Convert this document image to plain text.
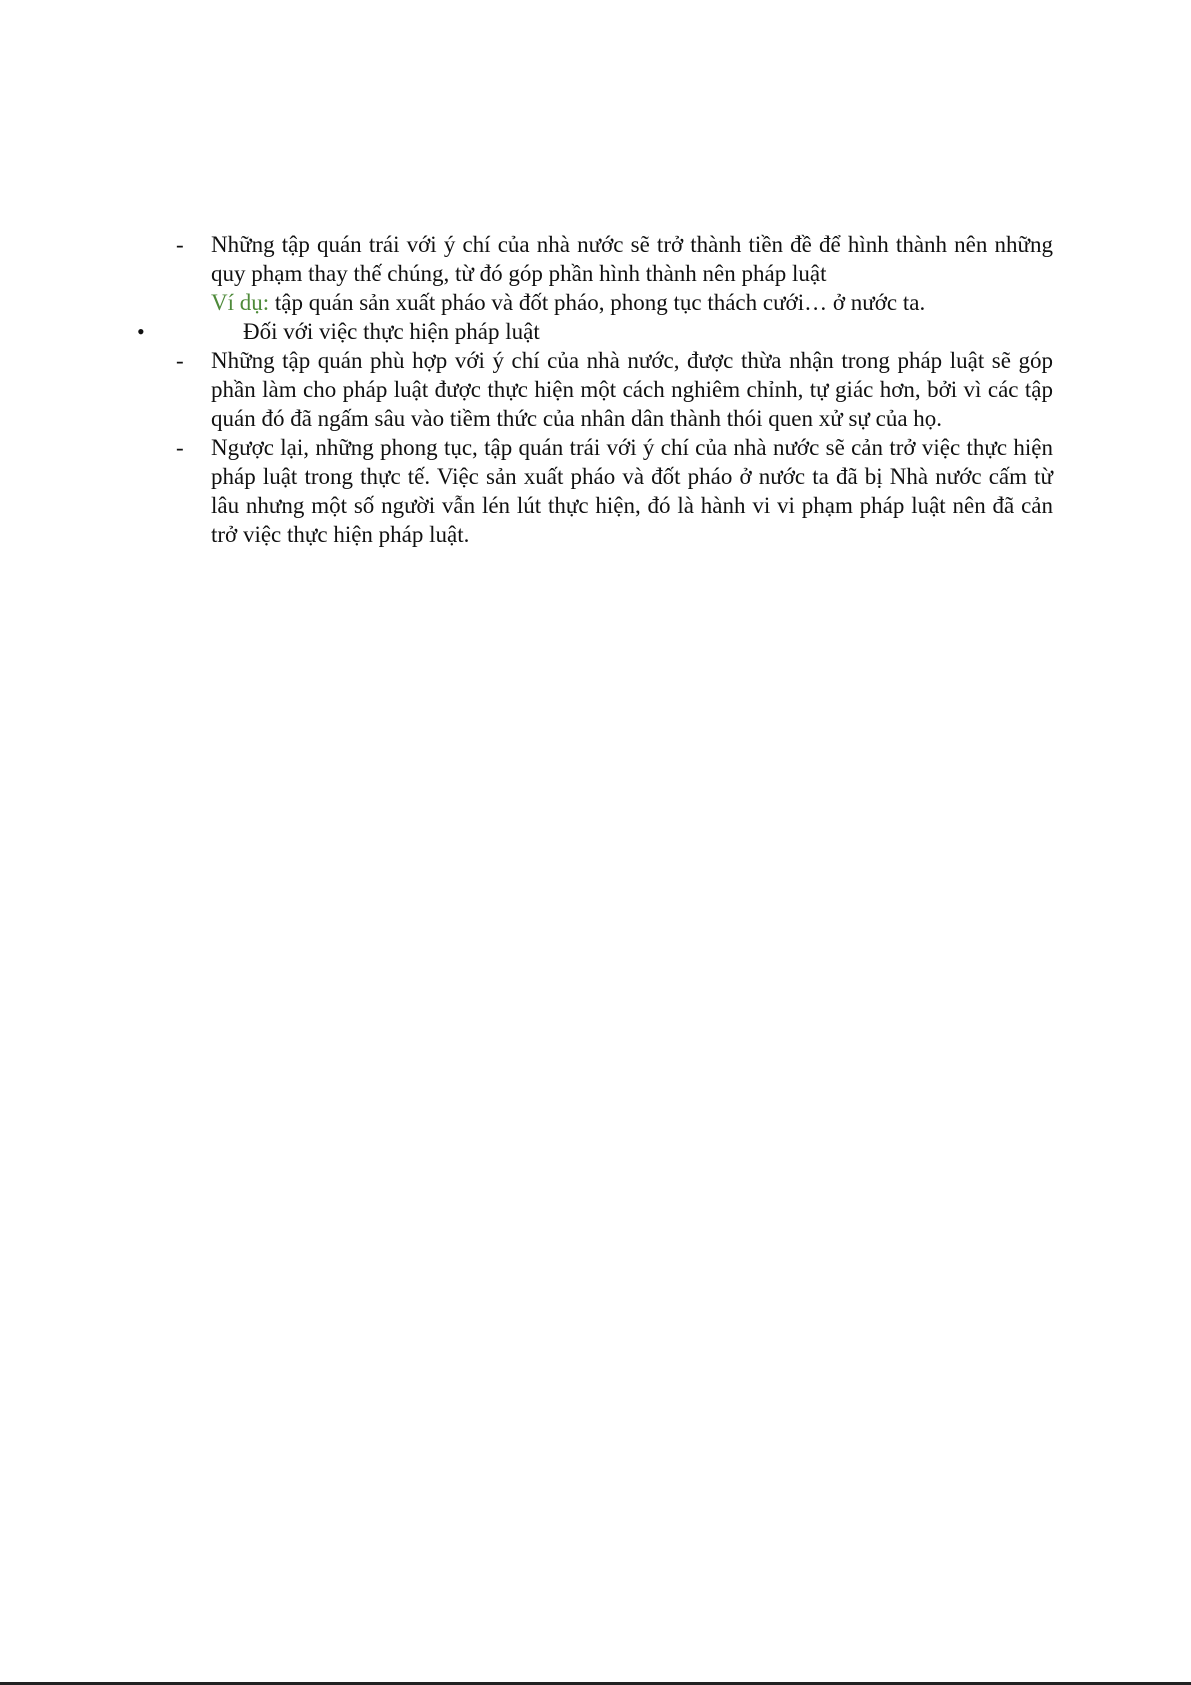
- Những tập quán trái với ý chí của nhà nước sẽ trở thành tiền đề để hình thành nên những quy phạm thay thế chúng, từ đó góp phần hình thành nên pháp luật
Ví dụ: tập quán sản xuất pháo và đốt pháo, phong tục thách cưới… ở nước ta.
•	Đối với việc thực hiện pháp luật
- Những tập quán phù hợp với ý chí của nhà nước, được thừa nhận trong pháp luật sẽ góp phần làm cho pháp luật được thực hiện một cách nghiêm chỉnh, tự giác hơn, bởi vì các tập quán đó đã ngấm sâu vào tiềm thức của nhân dân thành thói quen xử sự của họ.
- Ngược lại, những phong tục, tập quán trái với ý chí của nhà nước sẽ cản trở việc thực hiện pháp luật trong thực tế. Việc sản xuất pháo và đốt pháo ở nước ta đã bị Nhà nước cấm từ lâu nhưng một số người vẫn lén lút thực hiện, đó là hành vi vi phạm pháp luật nên đã cản trở việc thực hiện pháp luật.
